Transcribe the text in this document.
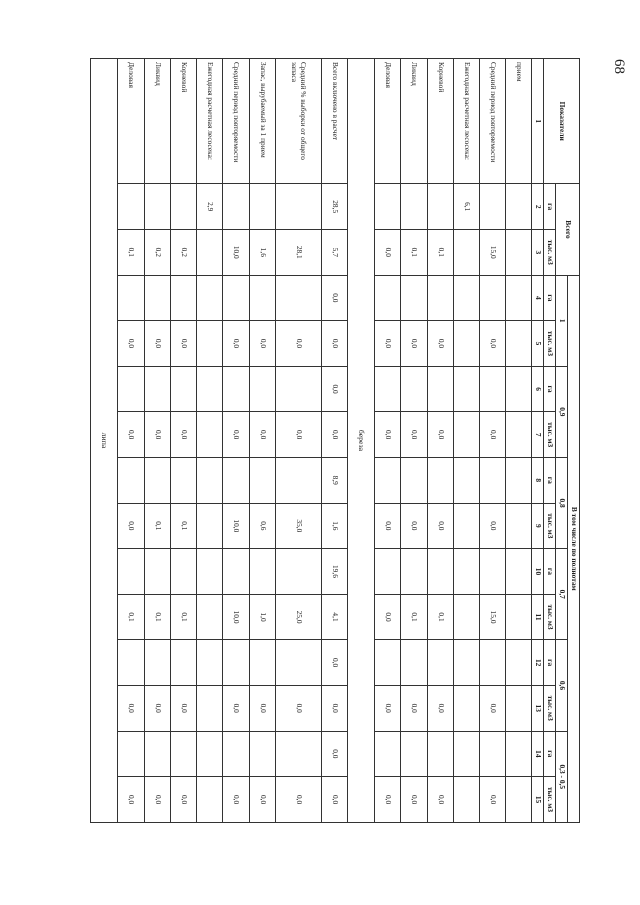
68
Показатели	Всего		В том числе по полнотам											
			1		0,9		0,8		0,7		0,6		0,3 - 0,5	
	га	тыс. м3	га	тыс. м3	га	тыс. м3	га	тыс. м3	га	тыс. м3	га	тыс. м3	га	тыс. м3
1	2	3	4	5	6	7	8	9	10	11	12	13	14	15
прием														
Средний период повторяемости		15,0		0,0		0,0		0,0		15,0		0,0		0,0
Ежегодная расчетная лесосека:	6,1													
Корневой		0,1		0,0		0,0		0,0		0,1		0,0		0,0
Ликвид		0,1		0,0		0,0		0,0		0,1		0,0		0,0
Деловая		0,0		0,0		0,0		0,0		0,0		0,0		0,0
береза														
Всего включено в расчет	28,5	5,7	0,0	0,0	0,0	0,0	8,9	1,6	19,6	4,1	0,0	0,0	0,0	0,0
Средний % выборки от общего запаса		28,1		0,0		0,0		35,0		25,0		0,0		0,0
Запас, вырубаемый за 1 прием		1,6		0,0		0,0		0,6		1,0		0,0		0,0
Средний период повторяемости		10,0		0,0		0,0		10,0		10,0		0,0		0,0
Ежегодная расчетная лесосека:	2,9													
Корневой		0,2		0,0		0,0		0,1		0,1		0,0		0,0
Ликвид		0,2		0,0		0,0		0,1		0,1		0,0		0,0
Деловая		0,1		0,0		0,0		0,0		0,1		0,0		0,0
липа														
